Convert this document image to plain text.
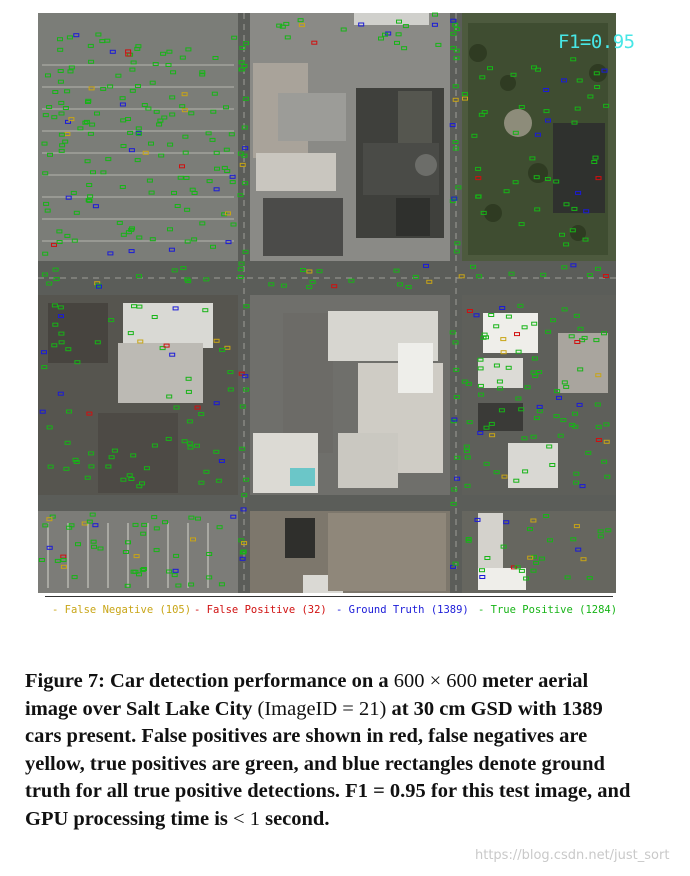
F1=0.95
- False Negative (105) - False Positive (32) - Ground Truth (1389) - True Positive (1284)
Figure 7: Car detection performance on a 600 × 600 meter aerial image over Salt Lake City (ImageID = 21) at 30 cm GSD with 1389 cars present. False positives are shown in red, false negatives are yellow, true positives are green, and blue rectangles denote ground truth for all true positive detections. F1 = 0.95 for this test image, and GPU processing time is < 1 second.
https://blog.csdn.net/just_sort
